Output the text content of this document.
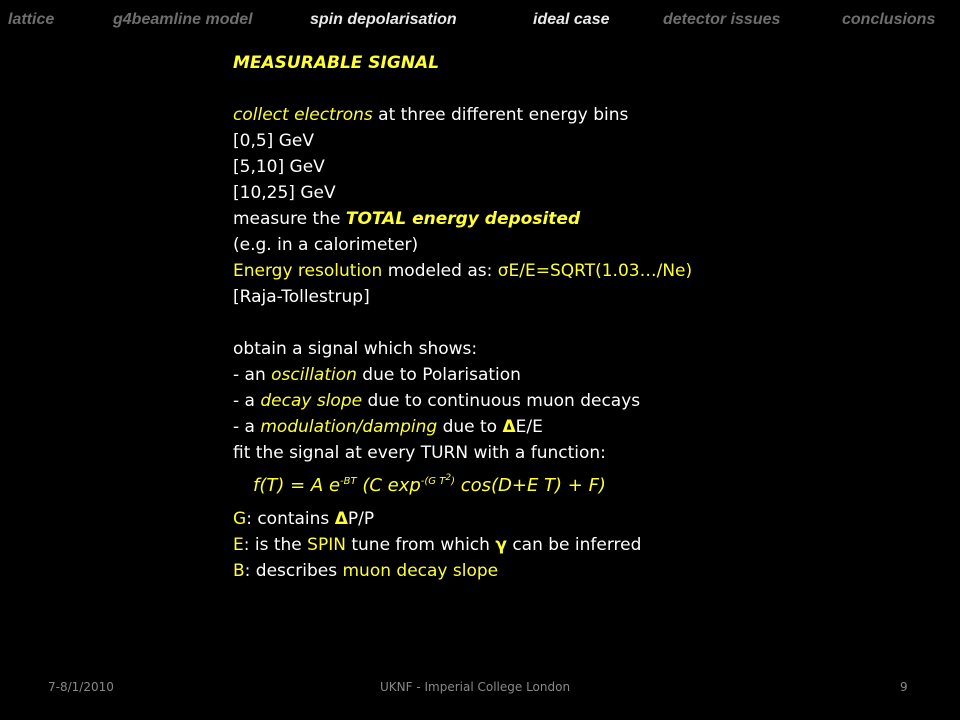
lattice	g4beamline model	spin depolarisation	ideal case	detector issues	conclusions
MEASURABLE SIGNAL
collect electrons at three different energy bins
[0,5] GeV
[5,10] GeV
[10,25] GeV
measure the TOTAL energy deposited
(e.g. in a calorimeter)
Energy resolution modeled as: σE/E=SQRT(1.03…/Ne)
[Raja-Tollestrup]
obtain a signal which shows:
- an oscillation due to Polarisation
- a decay slope due to continuous muon decays
- a modulation/damping due to ΔE/E
fit the signal at every TURN with a function:
f(T) = A $e^{-BT}$ (C $\exp^{-(G T^2)} \cos(D+E$ T) + F)
G: contains ΔP/P
E: is the SPIN tune from which γ can be inferred
B: describes muon decay slope
7-8/1/2010	UKNF - Imperial College London	9
